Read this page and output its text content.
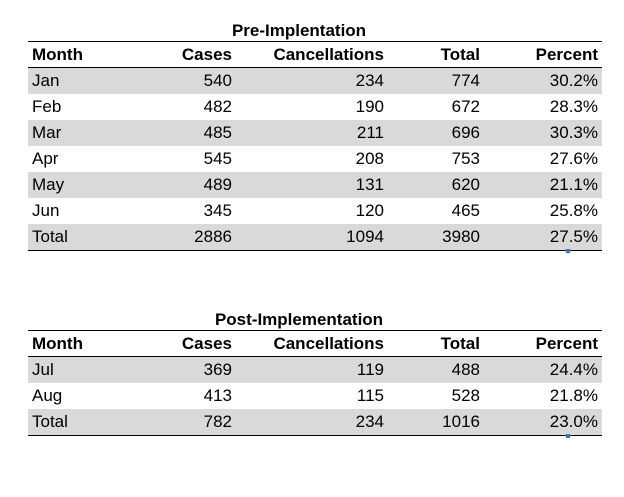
Pre-Implentation
Month	Cases	Cancellations	Total	Percent
Jan	540	234	774	30.2%
Feb	482	190	672	28.3%
Mar	485	211	696	30.3%
Apr	545	208	753	27.6%
May	489	131	620	21.1%
Jun	345	120	465	25.8%
Total	2886	1094	3980	27.5%
Post-Implementation
Month	Cases	Cancellations	Total	Percent
Jul	369	119	488	24.4%
Aug	413	115	528	21.8%
Total	782	234	1016	23.0%
